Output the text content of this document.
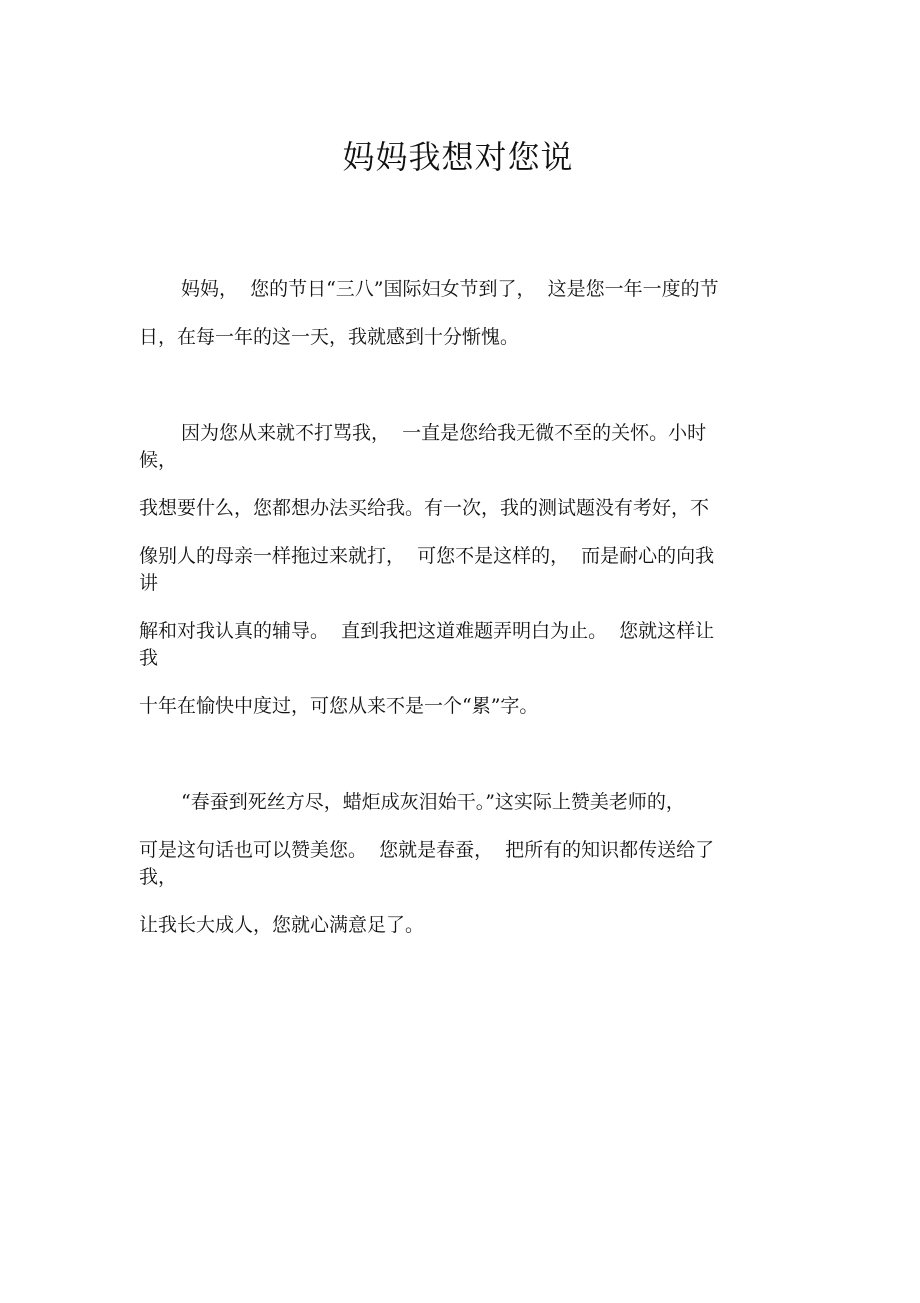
妈妈我想对您说

妈妈，  您的节日“三八”国际妇女节到了，  这是您一年一度的节

日，在每一年的这一天，我就感到十分惭愧。

因为您从来就不打骂我，  一直是您给我无微不至的关怀。小时候，

我想要什么，您都想办法买给我。有一次，我的测试题没有考好，不

像别人的母亲一样拖过来就打，  可您不是这样的，  而是耐心的向我讲

解和对我认真的辅导。  直到我把这道难题弄明白为止。  您就这样让我

十年在愉快中度过，可您从来不是一个“累”字。

“春蚕到死丝方尽，蜡炬成灰泪始干。”这实际上赞美老师的，

可是这句话也可以赞美您。  您就是春蚕，  把所有的知识都传送给了我，

让我长大成人，您就心满意足了。
